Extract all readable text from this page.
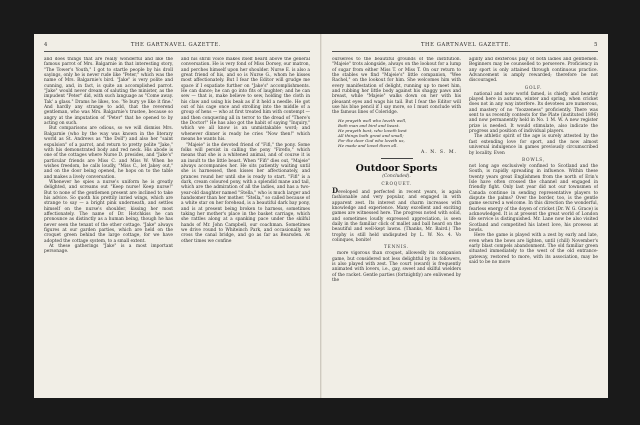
4	THE GARTNAVEL GAZETTE.

and does things that are really wonderful and like the famous parrot of Mrs. Balgarnie in that interesting story, "The Tower's Youth," I got to startle people by his droll sayings, only he is never rude like "Peter," which was the name of Mrs. Balgarnie's bird. "Jake" is very polite and cunning, and, in fact, is quite an accomplished parrot. "Jake" would never dream of saluting the minister, as the impudent "Peter" did, with such language as "Come away. Tak' a glass." Drams he likes, too. 'Ye bury ye like it fine.' And hardly any strange to add, that the reverend gentleman, who was Mrs. Balgarnie's trustee, because so angry at the imputation of "Peter" that he opened to by acting on such.

But comparisons are odious, so we will dismiss Mrs. Balgarnie (who by the way was known in the literary world as St. Andrews as "the Doll") and also her "saint expulsion" of a parrot, and return to pretty polite "Jake," with his demonstrated body and red neck. His abode is one of the cottages where Nurse D. presides, and "Jake's" particular friends are Miss C. and Miss W. When he wishes freedom, he calls loudly, "Miss C., let Jakey out," and on the door being opened, he hops on to the table and makes a lively conversation.

Whenever he spies a nurse's uniform he is greatly delighted, and screams out "Keep nurse! Keep nurse!" But to none of the gentlemen present are inclined to take his advice. So quoth his prettily inried wings, which are strange to say — a bright pink underneath, and settles himself on the nurse's shoulder, kissing her most affectionately. The name of Dr. Hotchkiss he can pronounce as distinctly as a human being, though he has never seen the tenant of the other cottage. "Jake" always figures at our garden parties, which are held on the croquet green behind the large cottage, for we have adopted the cottage system, to a small extent.

At these gatherings "Jake" is a most important personage.

and his shrill voice makes itself heard above the general conversation. He is very fond of Miss Dorsey, our matron, and perches himself upon her shoulder. Nurse E. is also a great friend of his, and so is Nurse G., whom he kisses most affectionately. But I fear the Editor will grudge me space if I expatiate further on "Jake's" accomplishments. He can dance; he can go into fits of laughter; and he can sew — that is, make believe to sew, holding the cloth in his claw and using his beak as if it held a needle. He got out of his cage once and strolling into the middle of a group of hens — who at first treated him with contempt — and then conquering all in terror to the dread of "There's the Doctor!" He has also got the habit of saying "Inquiry," which we all know is an unmistakable word; and whenever dinner is ready he cries "Now then!" which means he wants his.

"Majeie" is the devoted friend of "Fifi," the pony. Some folks will persist in calling the pony "Fireflo," which means that she is a whitened animal, and of course it is an insult to the little beast. When "Fifi" dies out, "Majeie" always accompanies her. He sits patiently waiting until she is harnessed, then kisses her affectionately, and prances round her until she is ready to start. "Fifi" is a dark, cream coloured pony, with a splendid mane and tail, which are the admiration of all the ladies, and has a two-year-old daughter named "Stella," who is much larger and handsomer than her mother. "Stella," so called because of a white star on her forehead, is a beautiful dark bay pony, and is at present being broken to harness, sometimes taking her mother's place in the basket carriage, which she rattles along at a spanking pace under the skilful hands of Mr. John Campbell, our coachman. Sometimes we drive round to Whiteinch Park, and occasionally we cross the canal bridge, and go as far as Bearsden. At other times we confine

THE GARTNAVEL GAZETTE.	5

ourselves to the beautiful grounds of the institution. "Majeie" trots alongside, always on the lookout for a lump of sugar from either Miss T. or Miss T. On our return to the stables we find "Majeie's" little companion, "Wee Rachel," on the lookout for him. She welcomes him with every manifestation of delight, running up to meet him, and rubbing her little body against his shaggy paws and breast, while "Majeie" walks down on her with his pleasant eyes and wags his tail. But I fear the Editor will use his blue pencil if I say more, so I must conclude with the famous lines of Coleridge.

He prayeth well who loveth well,
Both man and bird and beast.
He prayeth best, who loveth best
All things both great and small;
For the dear God who loveth us,
He made and loved them all.
A. N. S. M.
Outdoor Sports
(Concluded).
CROQUET.

Developed and perfected in recent years, is again fashionable and very popular, and engaged in with apparent zest. Its interest and charm increases with knowledge and experience. Many excellent and exciting games are witnessed here. The progress noted with solid, and sometimes loudly expressed appreciation, is seen daily in the familiar click of mallet and ball heard on the beautiful and well-kept lawns. (Thanks, Mr. Baird.) The trophy is still held undisputed by L. W. No. 4. Vo colinques, bonite!

TENNIS.

more vigorous than croquet, allowedly its companion game, but considered not less delightful by its followers, is also played with zest. The court (sward) is frequently animated with lovers, i.e., gay, sweet and skilful wielders of the racket. Gentle parties (fortnightly) are enlivened by the

agility and dexterous play of both ladies and gentlemen. Beginners may be counselled to persevere. Proficiency in any sport is only attained through continuous practice. Advancement is amply rewarded; therefore be not discouraged.

GOLF.

national and now world famed, is chiefly and heartily played here in autumn, winter and spring, when cricket does not in any way interfere. Its devotees are numerous, and mastery of no "foozzeness" proficiently. There was sent to us recently contests for the Plate (instituted 1896) and now permanently held in No. 1 M. W. A new register prize is needed. It would stimulate, also indicate the progress and position of individual players.

The athletic spirit of the age is surely attested by the fast extending love for sport, and the now almost universal indulgence in games previously circumscribed by locality. Even

BOWLS,

not long ago exclusively confined to Scotland and the South, is rapidly spreading in influence. Within these twenty years great Englishmen from the north of Erin's Isle have often crossed the channel and engaged in friendly fight. Only last year did not our townsmen of Canada continue in sending representative players to dispute the palms? Over the border, too, is the gentle game secured a welcome. In this direction the wonderful, fearless energy of the doyen of cricket (Dr. W. G. Grace) is acknowledged. It is at present the great world of London life service is distinguished. Mr. Lane now be also visited Scotland and competited his latest love, his prowess at bowls.

Here the game is played with a zest by early and late, even when the bows are lighten, until (chill) November's early blast compels abandonment. The old familiar green situated immediately to the west of the old entrance-gateway, restored to more, with its association, may be said to be no more
